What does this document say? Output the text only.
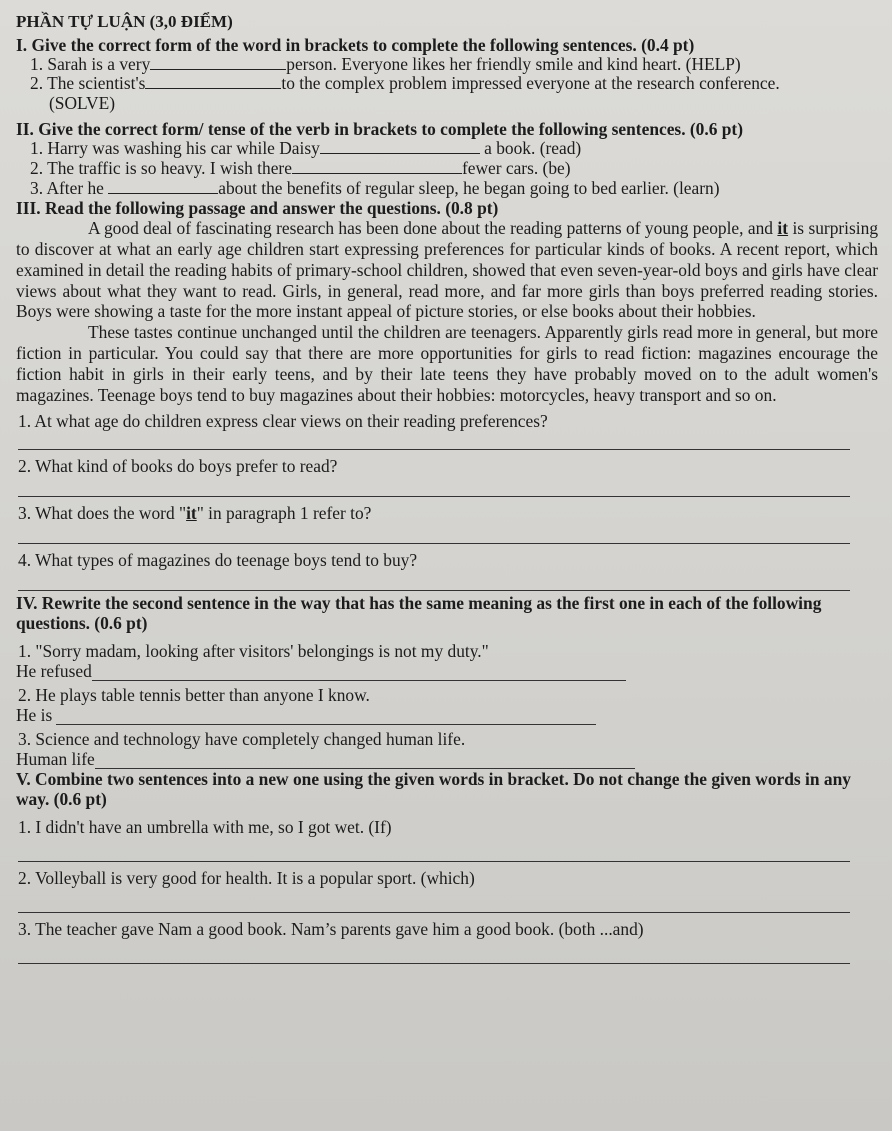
PHẦN TỰ LUẬN (3,0 ĐIỂM)
I. Give the correct form of the word in brackets to complete the following sentences. (0.4 pt)
1. Sarah is a very	person. Everyone likes her friendly smile and kind heart. (HELP)
2. The scientist's	to the complex problem impressed everyone at the research conference.
(SOLVE)
II. Give the correct form/ tense of the verb in brackets to complete the following sentences. (0.6 pt)
1. Harry was washing his car while Daisy	a book. (read)
2. The traffic is so heavy. I wish there	fewer cars. (be)
3. After he	about the benefits of regular sleep, he began going to bed earlier. (learn)
III. Read the following passage and answer the questions. (0.8 pt)

A good deal of fascinating research has been done about the reading patterns of young people, and it is surprising to discover at what an early age children start expressing preferences for particular kinds of books. A recent report, which examined in detail the reading habits of primary-school children, showed that even seven-year-old boys and girls have clear views about what they want to read. Girls, in general, read more, and far more girls than boys preferred reading stories. Boys were showing a taste for the more instant appeal of picture stories, or else books about their hobbies.

These tastes continue unchanged until the children are teenagers. Apparently girls read more in general, but more fiction in particular. You could say that there are more opportunities for girls to read fiction: magazines encourage the fiction habit in girls in their early teens, and by their late teens they have probably moved on to the adult women's magazines. Teenage boys tend to buy magazines about their hobbies: motorcycles, heavy transport and so on.

1. At what age do children express clear views on their reading preferences?
2. What kind of books do boys prefer to read?
3. What does the word "it" in paragraph 1 refer to?
4. What types of magazines do teenage boys tend to buy?
IV. Rewrite the second sentence in the way that has the same meaning as the first one in each of the following questions. (0.6 pt)
1. "Sorry madam, looking after visitors' belongings is not my duty."
He refused
2. He plays table tennis better than anyone I know.
He is
3. Science and technology have completely changed human life.
Human life
V. Combine two sentences into a new one using the given words in bracket. Do not change the given words in any way. (0.6 pt)
1. I didn't have an umbrella with me, so I got wet. (If)
2. Volleyball is very good for health. It is a popular sport. (which)
3. The teacher gave Nam a good book. Nam’s parents gave him a good book. (both ...and)
